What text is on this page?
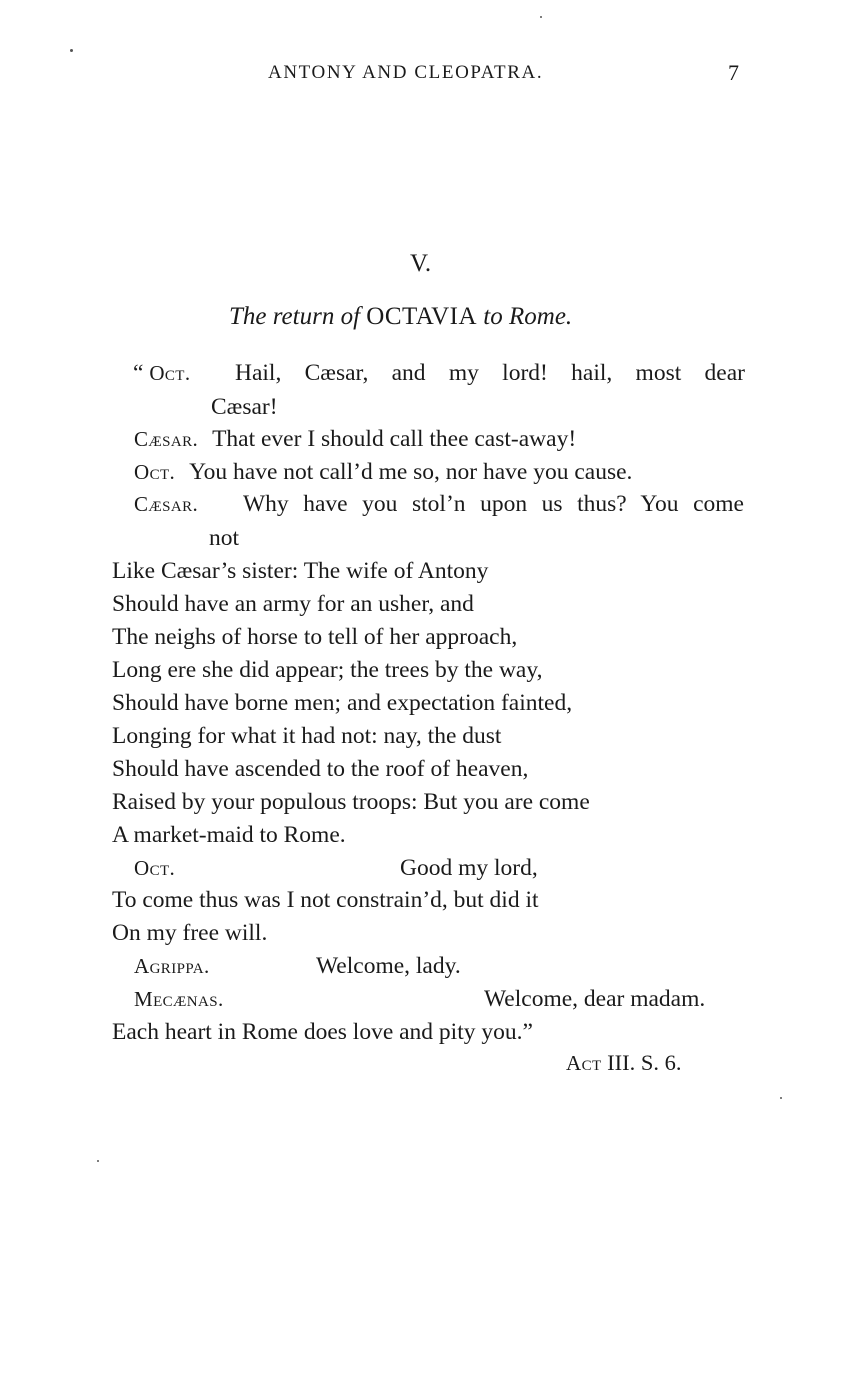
ANTONY AND CLEOPATRA.	7
V.
The return of OCTAVIA to Rome.
“ Oct. Hail, Cæsar, and my lord! hail, most dear
Cæsar!
Cæsar. That ever I should call thee cast-away!
Oct. You have not call’d me so, nor have you cause.
Cæsar. Why have you stol’n upon us thus? You come
not
Like Cæsar’s sister: The wife of Antony
Should have an army for an usher, and
The neighs of horse to tell of her approach,
Long ere she did appear; the trees by the way,
Should have borne men; and expectation fainted,
Longing for what it had not: nay, the dust
Should have ascended to the roof of heaven,
Raised by your populous troops: But you are come
A market-maid to Rome.
Oct.	Good my lord,
To come thus was I not constrain’d, but did it
On my free will.
Agrippa.	Welcome, lady.
Mecænas.	Welcome, dear madam.
Each heart in Rome does love and pity you.”
Act III. S. 6.
